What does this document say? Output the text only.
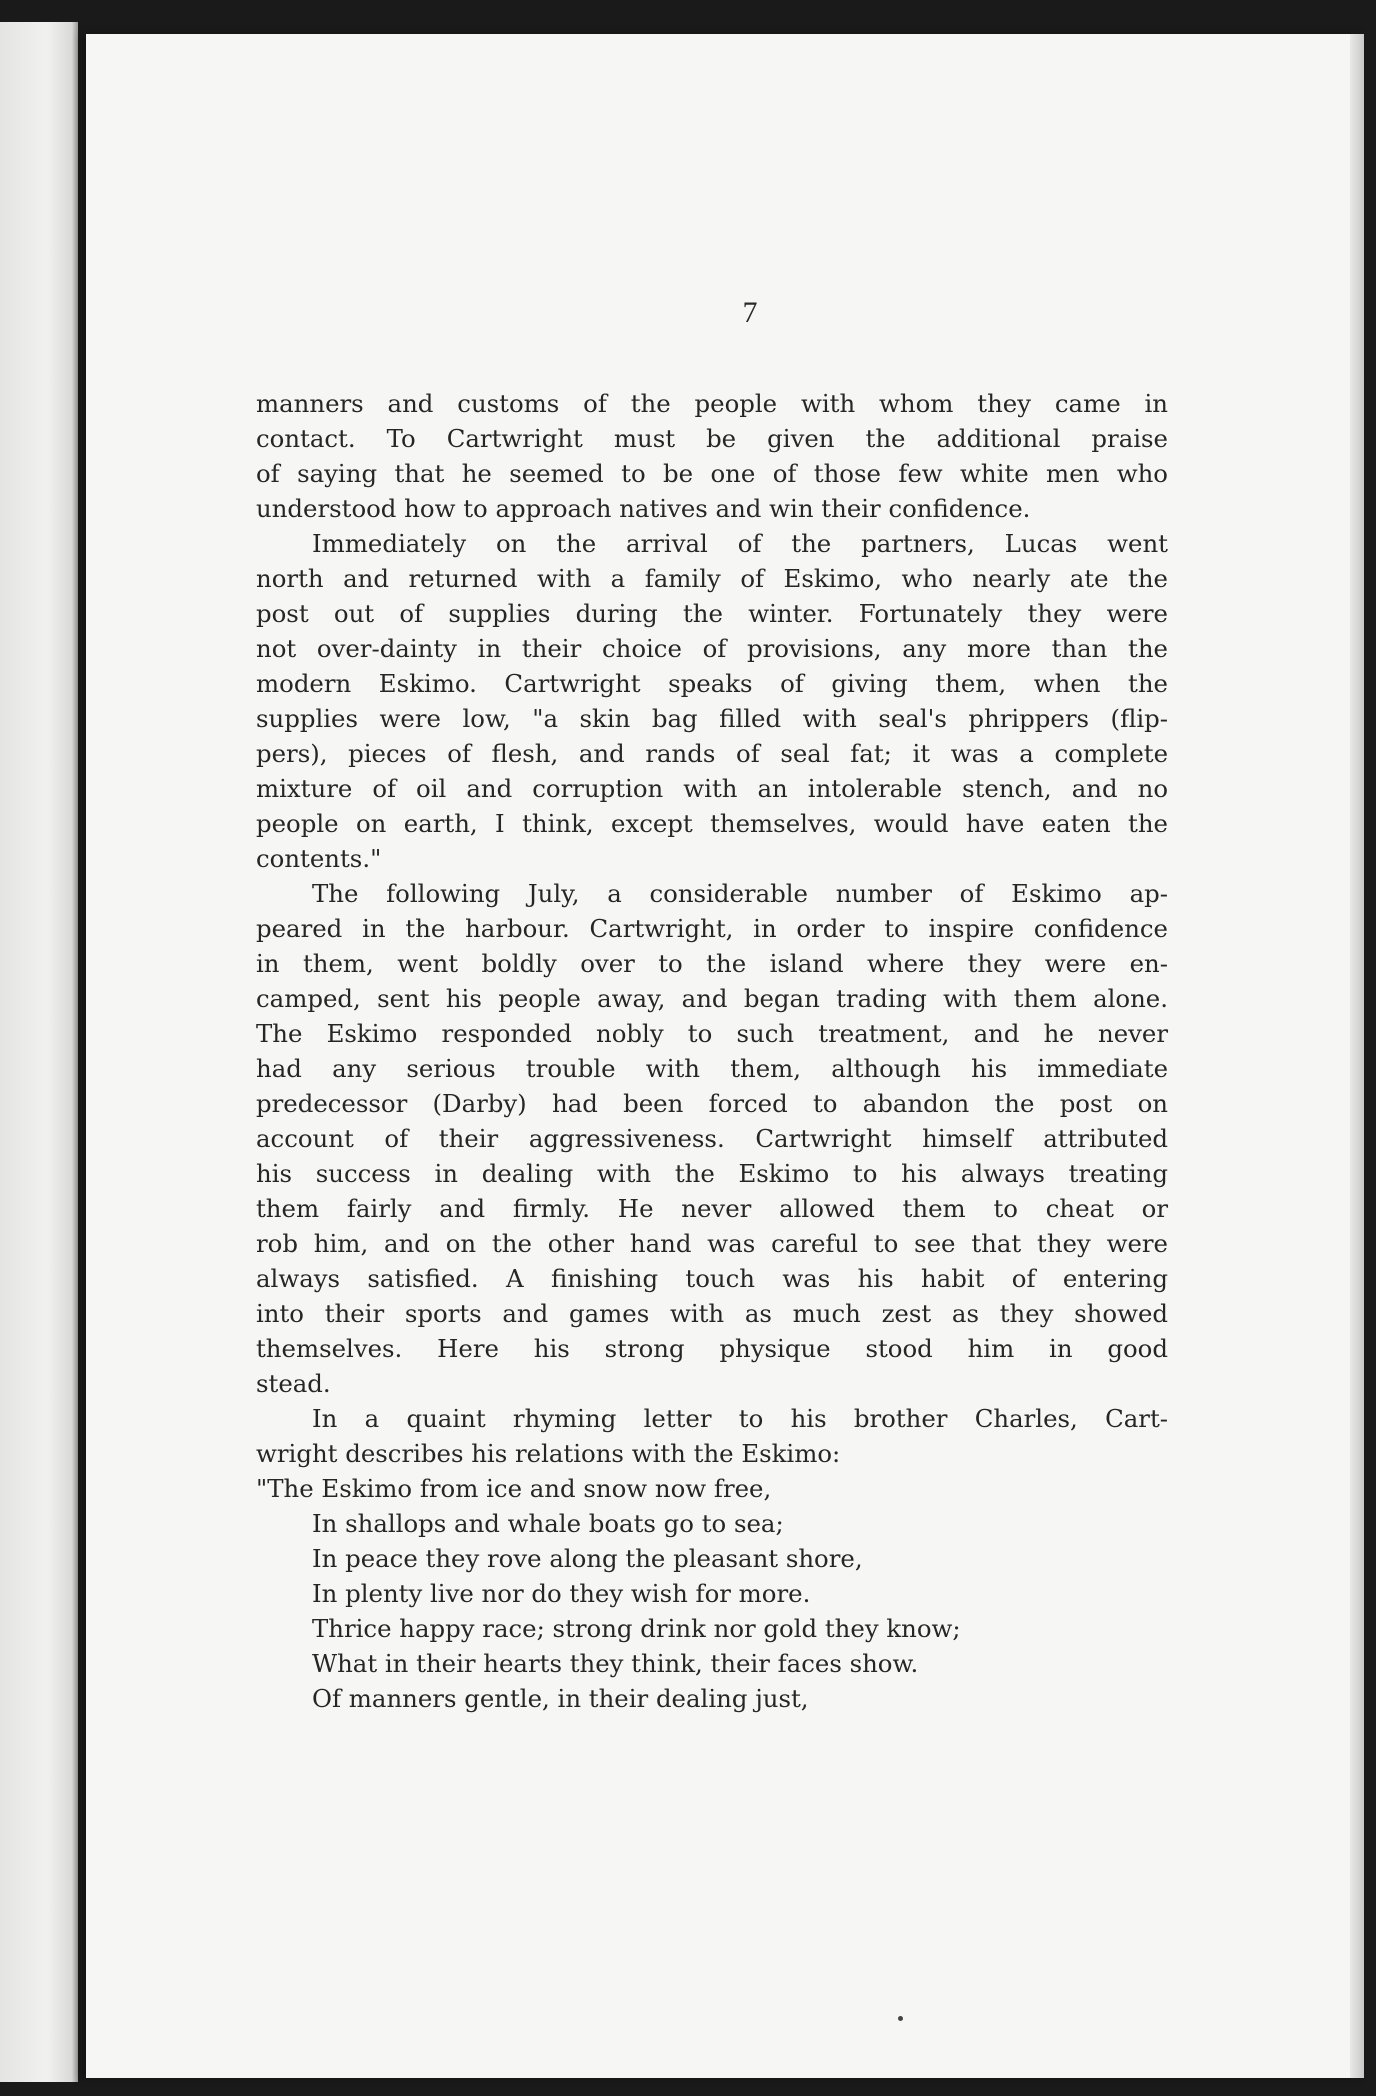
7
manners and customs of the people with whom they came in
contact. To Cartwright must be given the additional praise
of saying that he seemed to be one of those few white men who
understood how to approach natives and win their confidence.
Immediately on the arrival of the partners, Lucas went
north and returned with a family of Eskimo, who nearly ate the
post out of supplies during the winter. Fortunately they were
not over-dainty in their choice of provisions, any more than the
modern Eskimo. Cartwright speaks of giving them, when the
supplies were low, "a skin bag filled with seal's phrippers (flip-
pers), pieces of flesh, and rands of seal fat; it was a complete
mixture of oil and corruption with an intolerable stench, and no
people on earth, I think, except themselves, would have eaten the
contents."
The following July, a considerable number of Eskimo ap-
peared in the harbour. Cartwright, in order to inspire confidence
in them, went boldly over to the island where they were en-
camped, sent his people away, and began trading with them alone.
The Eskimo responded nobly to such treatment, and he never
had any serious trouble with them, although his immediate
predecessor (Darby) had been forced to abandon the post on
account of their aggressiveness. Cartwright himself attributed
his success in dealing with the Eskimo to his always treating
them fairly and firmly. He never allowed them to cheat or
rob him, and on the other hand was careful to see that they were
always satisfied. A finishing touch was his habit of entering
into their sports and games with as much zest as they showed
themselves. Here his strong physique stood him in good
stead.
In a quaint rhyming letter to his brother Charles, Cart-
wright describes his relations with the Eskimo:
"The Eskimo from ice and snow now free,
In shallops and whale boats go to sea;
In peace they rove along the pleasant shore,
In plenty live nor do they wish for more.
Thrice happy race; strong drink nor gold they know;
What in their hearts they think, their faces show.
Of manners gentle, in their dealing just,
